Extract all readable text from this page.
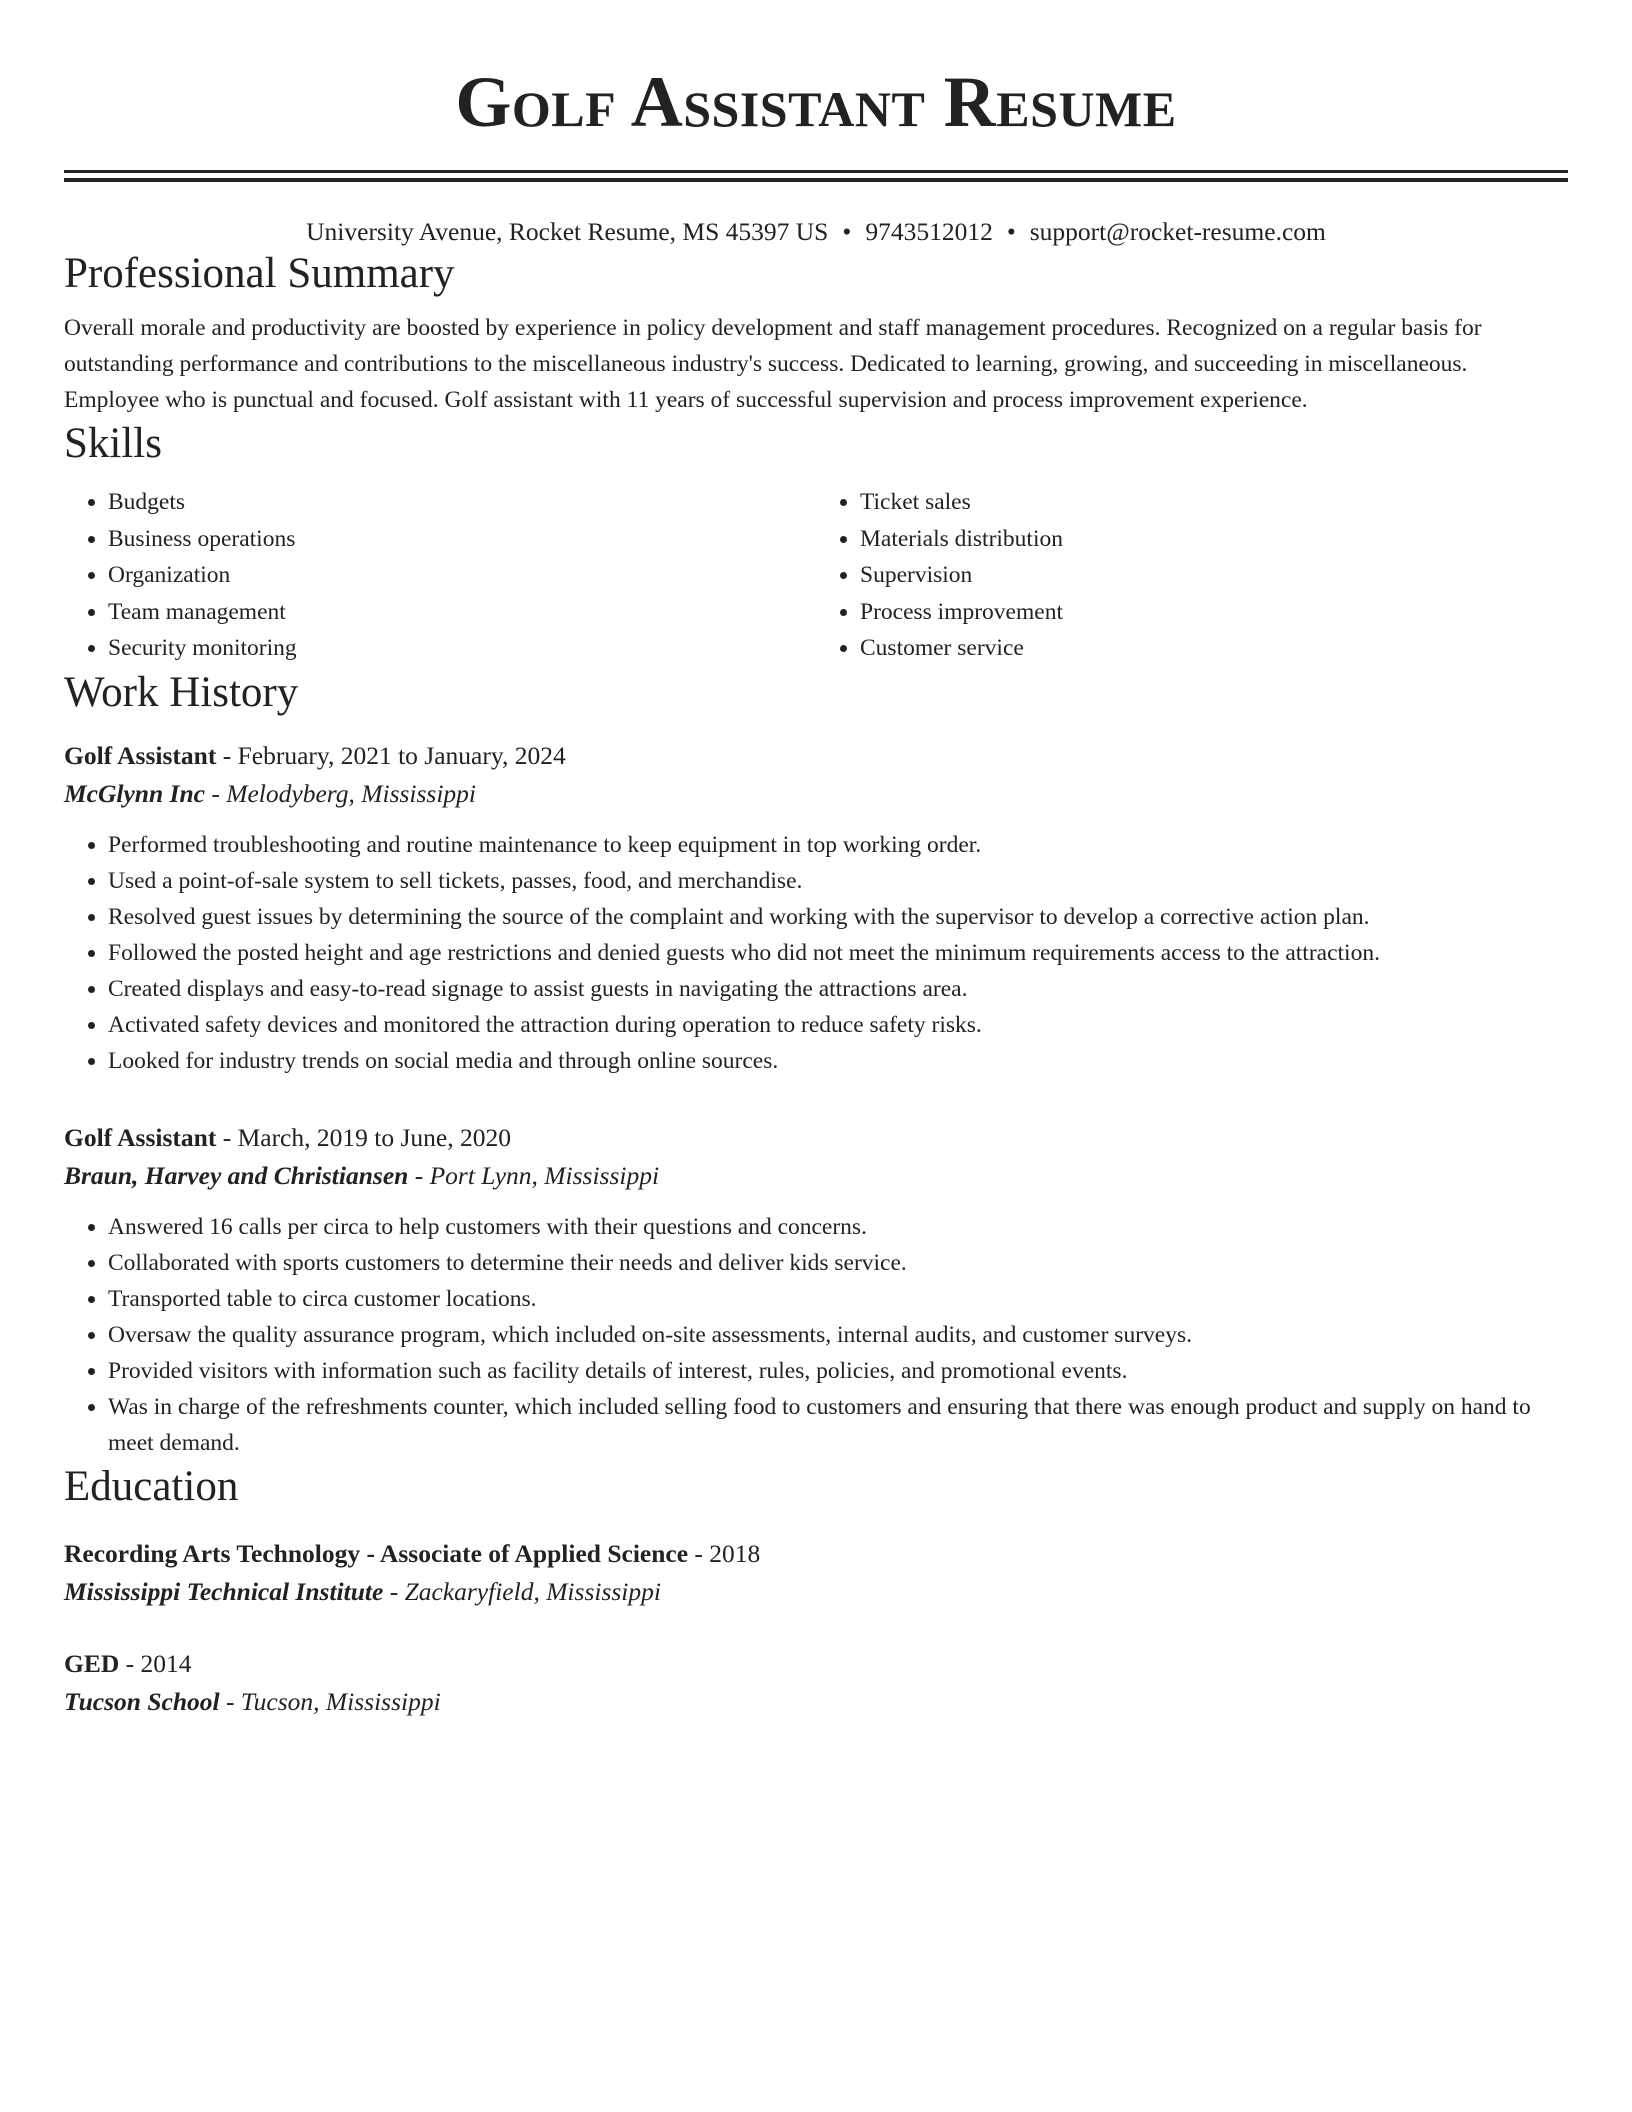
Golf Assistant Resume
University Avenue, Rocket Resume, MS 45397 US • 9743512012 • support@rocket-resume.com
Professional Summary

Overall morale and productivity are boosted by experience in policy development and staff management procedures. Recognized on a regular basis for outstanding performance and contributions to the miscellaneous industry's success. Dedicated to learning, growing, and succeeding in miscellaneous. Employee who is punctual and focused. Golf assistant with 11 years of successful supervision and process improvement experience.

Skills
• Budgets
• Business operations
• Organization
• Team management
• Security monitoring
• Ticket sales
• Materials distribution
• Supervision
• Process improvement
• Customer service
Work History
Golf Assistant - February, 2021 to January, 2024
McGlynn Inc - Melodyberg, Mississippi
• Performed troubleshooting and routine maintenance to keep equipment in top working order.
• Used a point-of-sale system to sell tickets, passes, food, and merchandise.
• Resolved guest issues by determining the source of the complaint and working with the supervisor to develop a corrective action plan.
• Followed the posted height and age restrictions and denied guests who did not meet the minimum requirements access to the attraction.
• Created displays and easy-to-read signage to assist guests in navigating the attractions area.
• Activated safety devices and monitored the attraction during operation to reduce safety risks.
• Looked for industry trends on social media and through online sources.
Golf Assistant - March, 2019 to June, 2020
Braun, Harvey and Christiansen - Port Lynn, Mississippi
• Answered 16 calls per circa to help customers with their questions and concerns.
• Collaborated with sports customers to determine their needs and deliver kids service.
• Transported table to circa customer locations.
• Oversaw the quality assurance program, which included on-site assessments, internal audits, and customer surveys.
• Provided visitors with information such as facility details of interest, rules, policies, and promotional events.
• Was in charge of the refreshments counter, which included selling food to customers and ensuring that there was enough product and supply on hand to meet demand.
Education
Recording Arts Technology - Associate of Applied Science - 2018
Mississippi Technical Institute - Zackaryfield, Mississippi
GED - 2014
Tucson School - Tucson, Mississippi
